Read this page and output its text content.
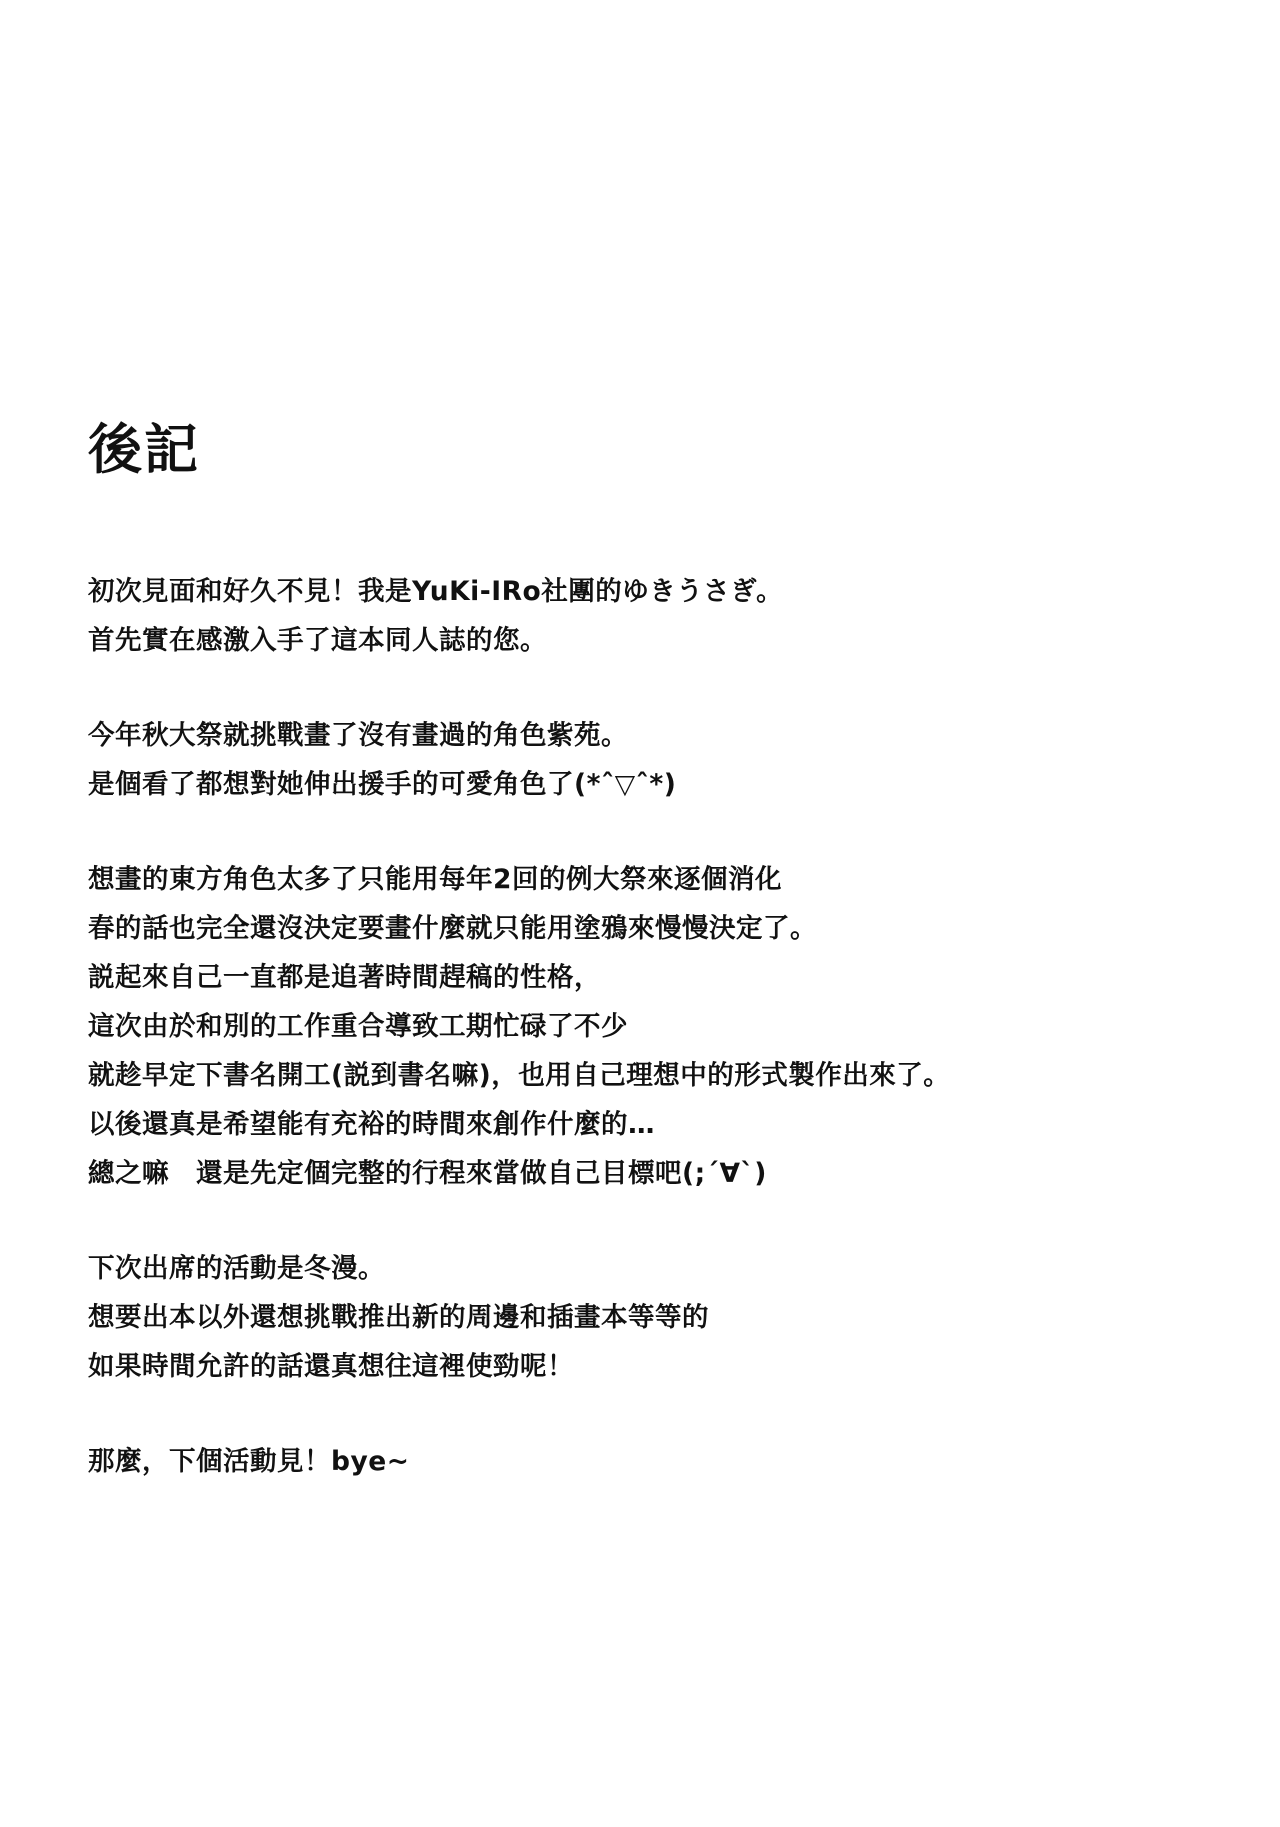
後記
初次見面和好久不見！我是YuKi-IRo社團的ゆきうさぎ。
首先實在感激入手了這本同人誌的您。
今年秋大祭就挑戰畫了沒有畫過的角色紫苑。
是個看了都想對她伸出援手的可愛角色了(*ˆ▽ˆ*)
想畫的東方角色太多了只能用每年2回的例大祭來逐個消化
春的話也完全還沒決定要畫什麼就只能用塗鴉來慢慢決定了。
説起來自己一直都是追著時間趕稿的性格，
這次由於和別的工作重合導致工期忙碌了不少
就趁早定下書名開工(説到書名嘛)，也用自己理想中的形式製作出來了。
以後還真是希望能有充裕的時間來創作什麼的…
總之嘛　還是先定個完整的行程來當做自己目標吧(;´∀`)
下次出席的活動是冬漫。
想要出本以外還想挑戰推出新的周邊和插畫本等等的
如果時間允許的話還真想往這裡使勁呢！
那麼，下個活動見！bye~
